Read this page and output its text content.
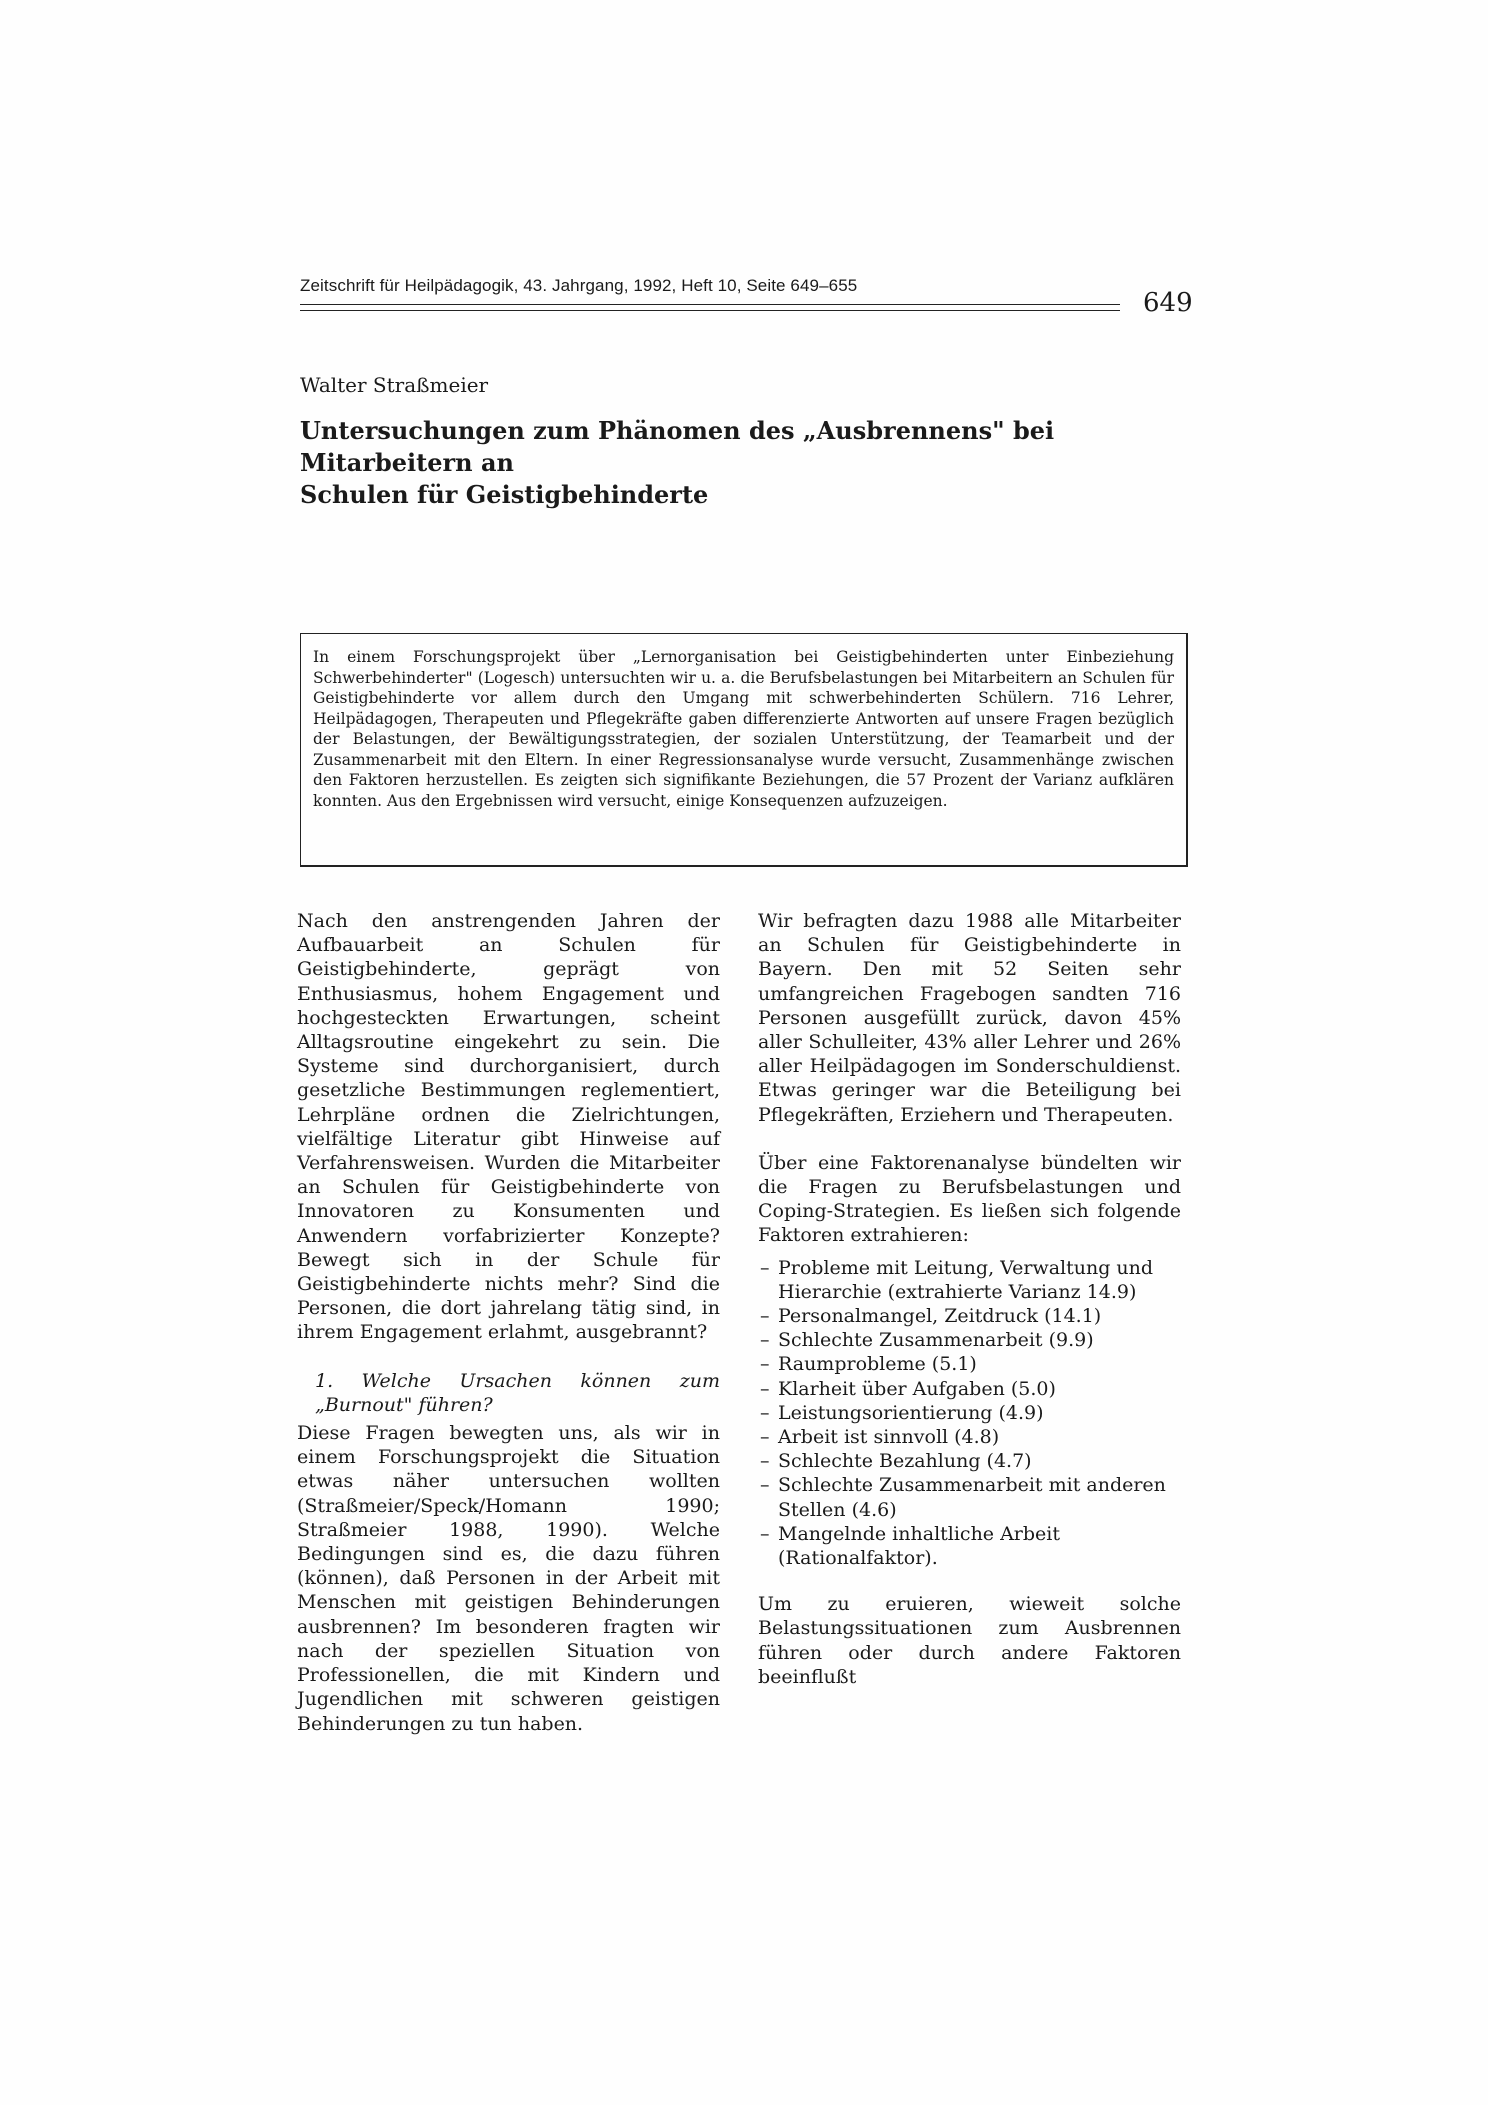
Zeitschrift für Heilpädagogik, 43. Jahrgang, 1992, Heft 10, Seite 649–655
649
Walter Straßmeier
Untersuchungen zum Phänomen des „Ausbrennens" bei Mitarbeitern an
Schulen für Geistigbehinderte
In einem Forschungsprojekt über „Lernorganisation bei Geistigbehinderten unter Einbeziehung Schwerbehinderter" (Logesch) untersuchten wir u. a. die Berufsbelastungen bei Mitarbeitern an Schulen für Geistigbehinderte vor allem durch den Umgang mit schwerbehinderten Schülern. 716 Lehrer, Heilpädagogen, Therapeuten und Pflegekräfte gaben differenzierte Antworten auf unsere Fragen bezüglich der Belastungen, der Bewältigungsstrategien, der sozialen Unterstützung, der Teamarbeit und der Zusammenarbeit mit den Eltern. In einer Regressionsanalyse wurde versucht, Zusammenhänge zwischen den Faktoren herzustellen. Es zeigten sich signifikante Beziehungen, die 57 Prozent der Varianz aufklären konnten. Aus den Ergebnissen wird versucht, einige Konsequenzen aufzuzeigen.

Nach den anstrengenden Jahren der Aufbauarbeit an Schulen für Geistigbehinderte, geprägt von Enthusiasmus, hohem Engagement und hochgesteckten Erwartungen, scheint Alltagsroutine eingekehrt zu sein. Die Systeme sind durchorganisiert, durch gesetzliche Bestimmungen reglementiert, Lehrpläne ordnen die Zielrichtungen, vielfältige Literatur gibt Hinweise auf Verfahrensweisen. Wurden die Mitarbeiter an Schulen für Geistigbehinderte von Innovatoren zu Konsumenten und Anwendern vorfabrizierter Konzepte? Bewegt sich in der Schule für Geistigbehinderte nichts mehr? Sind die Personen, die dort jahrelang tätig sind, in ihrem Engagement erlahmt, ausgebrannt?

1. Welche Ursachen können zum „Burnout" führen?

Diese Fragen bewegten uns, als wir in einem Forschungsprojekt die Situation etwas näher untersuchen wollten (Straßmeier/Speck/Homann 1990; Straßmeier 1988, 1990). Welche Bedingungen sind es, die dazu führen (können), daß Personen in der Arbeit mit Menschen mit geistigen Behinderungen ausbrennen? Im besonderen fragten wir nach der speziellen Situation von Professionellen, die mit Kindern und Jugendlichen mit schweren geistigen Behinderungen zu tun haben.

Wir befragten dazu 1988 alle Mitarbeiter an Schulen für Geistigbehinderte in Bayern. Den mit 52 Seiten sehr umfangreichen Fragebogen sandten 716 Personen ausgefüllt zurück, davon 45% aller Schulleiter, 43% aller Lehrer und 26% aller Heilpädagogen im Sonderschuldienst. Etwas geringer war die Beteiligung bei Pflegekräften, Erziehern und Therapeuten.

Über eine Faktorenanalyse bündelten wir die Fragen zu Berufsbelastungen und Coping-Strategien. Es ließen sich folgende Faktoren extrahieren:

– Probleme mit Leitung, Verwaltung und Hierarchie (extrahierte Varianz 14.9)
– Personalmangel, Zeitdruck (14.1)
– Schlechte Zusammenarbeit (9.9)
– Raumprobleme (5.1)
– Klarheit über Aufgaben (5.0)
– Leistungsorientierung (4.9)
– Arbeit ist sinnvoll (4.8)
– Schlechte Bezahlung (4.7)
– Schlechte Zusammenarbeit mit anderen Stellen (4.6)
– Mangelnde inhaltliche Arbeit (Rationalfaktor).

Um zu eruieren, wieweit solche Belastungssituationen zum Ausbrennen führen oder durch andere Faktoren beeinflußt
